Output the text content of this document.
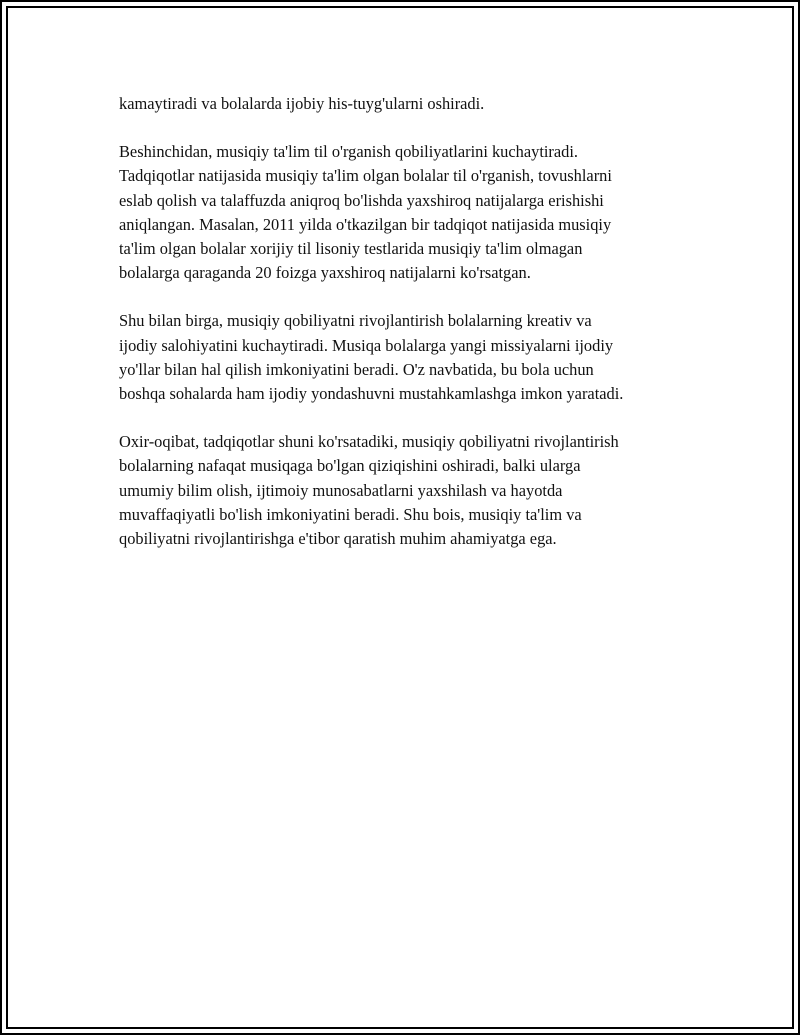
kamaytiradi va bolalarda ijobiy his-tuyg'ularni oshiradi.

Beshinchidan, musiqiy ta'lim til o'rganish qobiliyatlarini kuchaytiradi.
Tadqiqotlar natijasida musiqiy ta'lim olgan bolalar til o'rganish, tovushlarni
eslab qolish va talaffuzda aniqroq bo'lishda yaxshiroq natijalarga erishishi
aniqlangan. Masalan, 2011 yilda o'tkazilgan bir tadqiqot natijasida musiqiy
ta'lim olgan bolalar xorijiy til lisoniy testlarida musiqiy ta'lim olmagan
bolalarga qaraganda 20 foizga yaxshiroq natijalarni ko'rsatgan.

Shu bilan birga, musiqiy qobiliyatni rivojlantirish bolalarning kreativ va
ijodiy salohiyatini kuchaytiradi. Musiqa bolalarga yangi missiyalarni ijodiy
yo'llar bilan hal qilish imkoniyatini beradi. O'z navbatida, bu bola uchun
boshqa sohalarda ham ijodiy yondashuvni mustahkamlashga imkon yaratadi.

Oxir-oqibat, tadqiqotlar shuni ko'rsatadiki, musiqiy qobiliyatni rivojlantirish
bolalarning nafaqat musiqaga bo'lgan qiziqishini oshiradi, balki ularga
umumiy bilim olish, ijtimoiy munosabatlarni yaxshilash va hayotda
muvaffaqiyatli bo'lish imkoniyatini beradi. Shu bois, musiqiy ta'lim va
qobiliyatni rivojlantirishga e'tibor qaratish muhim ahamiyatga ega.
